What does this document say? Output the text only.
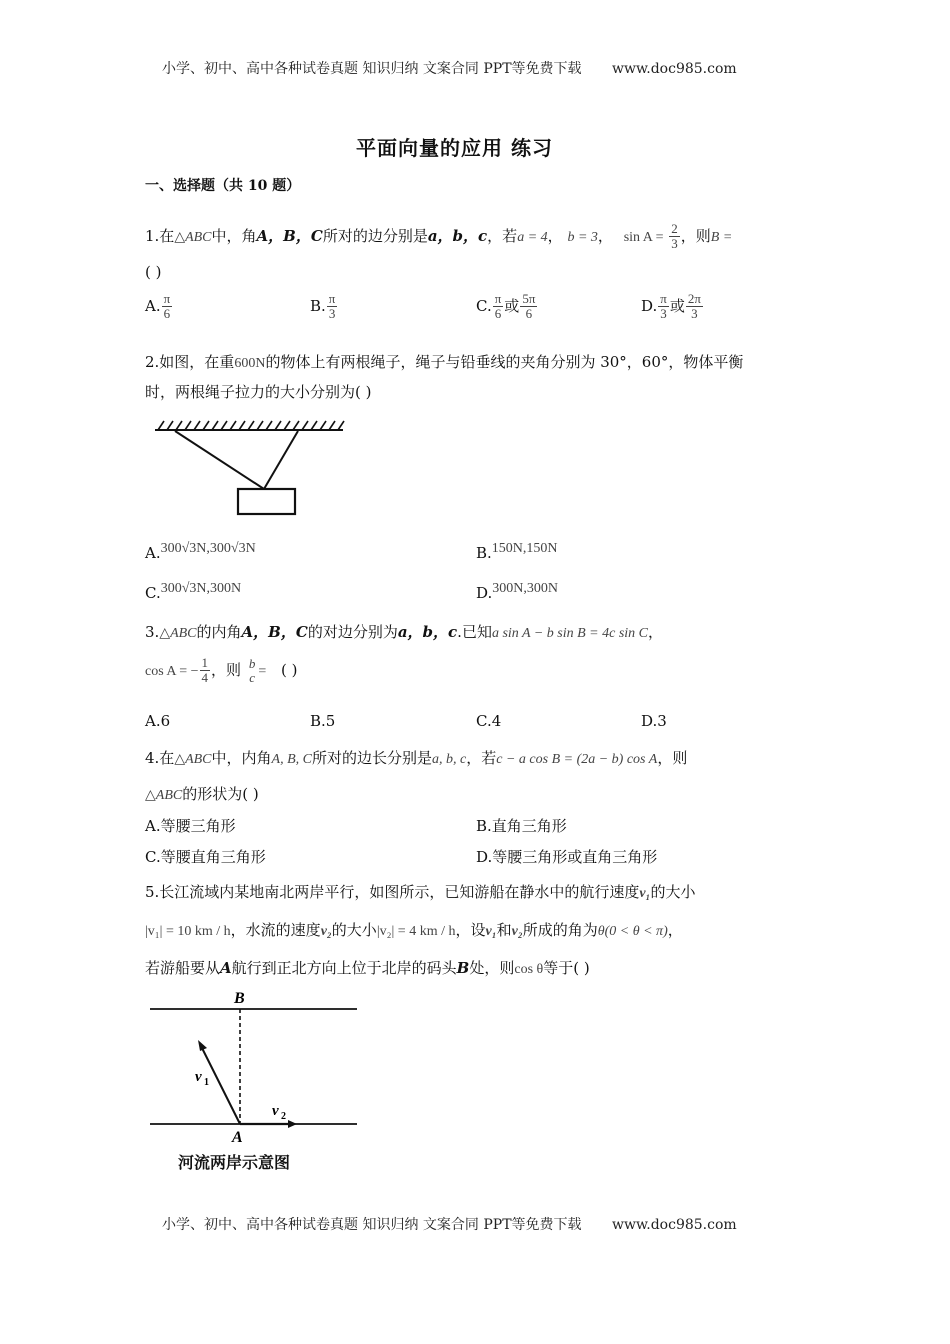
小学、初中、高中各种试卷真题 知识归纳 文案合同 PPT等免费下载 www.doc985.com
平面向量的应用 练习
一、选择题（共 10 题）
1.在△ABC中，角A，B，C所对的边分别是a，b，c，若a = 4， b = 3， $\sin A = \frac{2}{3}$ ，则B =
( )
A. $\frac{\pi}{6}$	B. $\frac{\pi}{3}$	C. $\frac{\pi}{6}$ 或 $\frac{5\pi}{6}$	D. $\frac{\pi}{3}$ 或 $\frac{2\pi}{3}$
2.如图，在重600N的物体上有两根绳子，绳子与铅垂线的夹角分别为 30°，60°，物体平衡
时，两根绳子拉力的大小分别为( )
A.300√3N,300√3N	B.150N,150N
C.300√3N,300N	D.300N,300N
3.△ABC的内角A，B，C的对边分别为a，b，c.已知a sin A − b sin B = 4c sin C，
cos A = − $\frac{1}{4}$ ，则 b
c = ( )
A.6	B.5	C.4	D.3
4.在△ABC中，内角A, B, C所对的边长分别是a, b, c，若c − a cos B = (2a − b) cos A，则
△ABC的形状为( )
A.等腰三角形	B.直角三角形
C.等腰直角三角形	D.等腰三角形或直角三角形
5.长江流域内某地南北两岸平行，如图所示，已知游船在静水中的航行速度v₁的大小
|v₁| = 10 km / h，水流的速度v₂的大小|v₂| = 4 km / h，设v₁和v₂所成的角为θ(0 < θ < π)，
若游船要从A航行到正北方向上位于北岸的码头B处，则cos θ等于( )
B
A
v 1
v 2
河流两岸示意图
小学、初中、高中各种试卷真题 知识归纳 文案合同 PPT等免费下载 www.doc985.com
